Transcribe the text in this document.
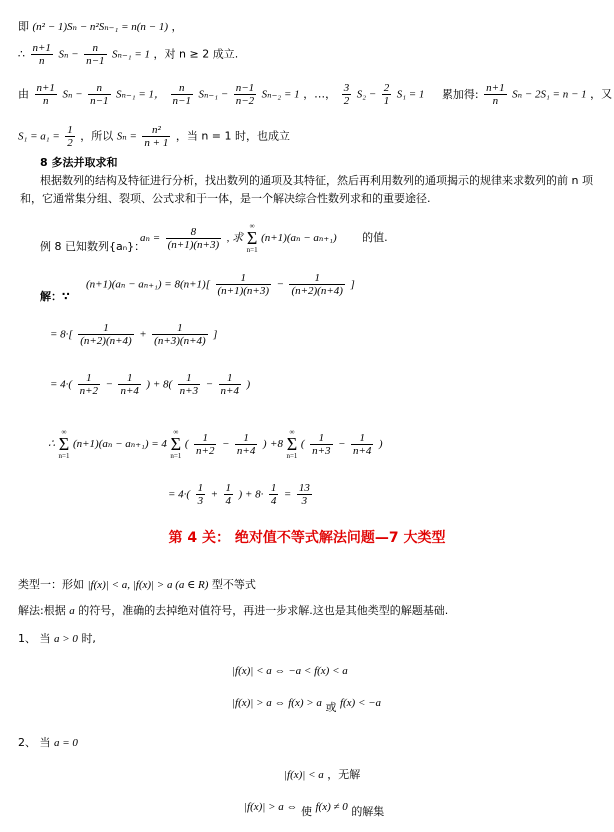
即 (n² − 1)Sₙ − n²Sₙ₋₁ = n(n − 1) ，
∴ $\frac{n+1}{n}$ $S_n - \frac{n}{n-1} S_{n-1} = 1$ ，对 n ≥ 2 成立.
由 $\frac{n+1}{n}$ $S_n - \frac{n}{n-1} S_{n-1} = 1$， $\frac{n}{n-1} S_{n-1} - \frac{n-1}{n-2} S_{n-2} = 1$ ，…， $\frac{3}{2} S_2 - \frac{2}{1} S_1 = 1$ 累加得: $\frac{n+1}{n}$ Sₙ − 2S₁ = n − 1 ，又
$S_1 = a_1 = \frac{1}{2}$ ，所以 $S_n = \frac{\text{n²}}{n + 1}$ ，当 n = 1 时，也成立
8 多法并取求和
根据数列的结构及特征进行分析，找出数列的通项及其特征，然后再利用数列的通项揭示的规律来求数列的前 n 项和，它通常集分组、裂项、公式求和于一体，是一个解决综合性数列求和的重要途径.
例 8 已知数列{aₙ}：
$a_n = \frac{8}{(n+1)(n+3)}$ , 求
∞
Σ
n=1
(n+1)(aₙ − aₙ₊₁) 的值.
解：∵
$(n+1)(a_n - a_{n+1}) = 8(n+1)[ \frac{1}{(n+1)(n+3)} - \frac{1}{(n+2)(n+4)}$ ]
= $8\cdot[ \frac{1}{(n+2)(n+4)} + \frac{1}{(n+3)(n+4)}$ ]
= $4\cdot( \frac{1}{n+2} - \frac{1}{n+4}$ ) + $8( \frac{1}{n+3} - \frac{1}{n+4}$ )
∴
∞
Σ
n=1
(n+1)(aₙ − aₙ₊₁) = 4
∞
Σ
n=1
( $\frac{1}{n+2} - \frac{1}{n+4}$ ) +8
∞
Σ
n=1
( $\frac{1}{n+3} - \frac{1}{n+4}$ )
= $4\cdot( \frac{1}{3} + \frac{1}{4}$ ) + $8\cdot \frac{1}{4} = \frac{13}{3}$
第 4 关： 绝对值不等式解法问题—7 大类型
类型一：形如 |f(x)| < a, |f(x)| > a (a ∈ R) 型不等式
解法:根据 a 的符号，准确的去掉绝对值符号，再进一步求解.这也是其他类型的解题基础.
1、 当 a > 0 时,
|f(x)| < a ⇔ −a < f(x) < a
|f(x)| > a ⇔ f(x) > a 或 f(x) < −a
2、 当 a = 0
|f(x)| < a ，无解
|f(x)| > a ⇔ 使 f(x) ≠ 0 的解集
